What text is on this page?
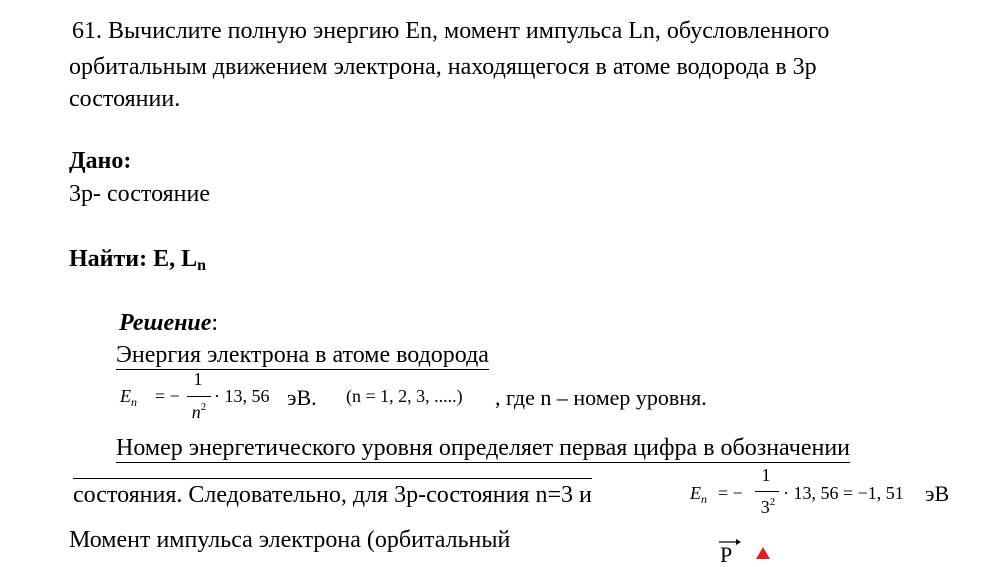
61. Вычислите полную энергию En, момент импульса Ln, обусловленного
орбитальным движением электрона, находящегося в атоме водорода в 3p
состоянии.
Дано:
3p- состояние
Найти: E, $L_n$
Решение:
Энергия электрона в атоме водорода
$E_n$ = −
1
$n^2$
· 13, 56 эВ. (n = 1, 2, 3, .....) , где n – номер уровня.
Номер энергетического уровня определяет первая цифра в обозначении
состояния. Следовательно, для 3p-состояния n=3 и	$E_n$ = −
1
$3^2 \cdot 13$, 56 = −1, 51 эВ
Момент импульса электрона (орбитальный
P
